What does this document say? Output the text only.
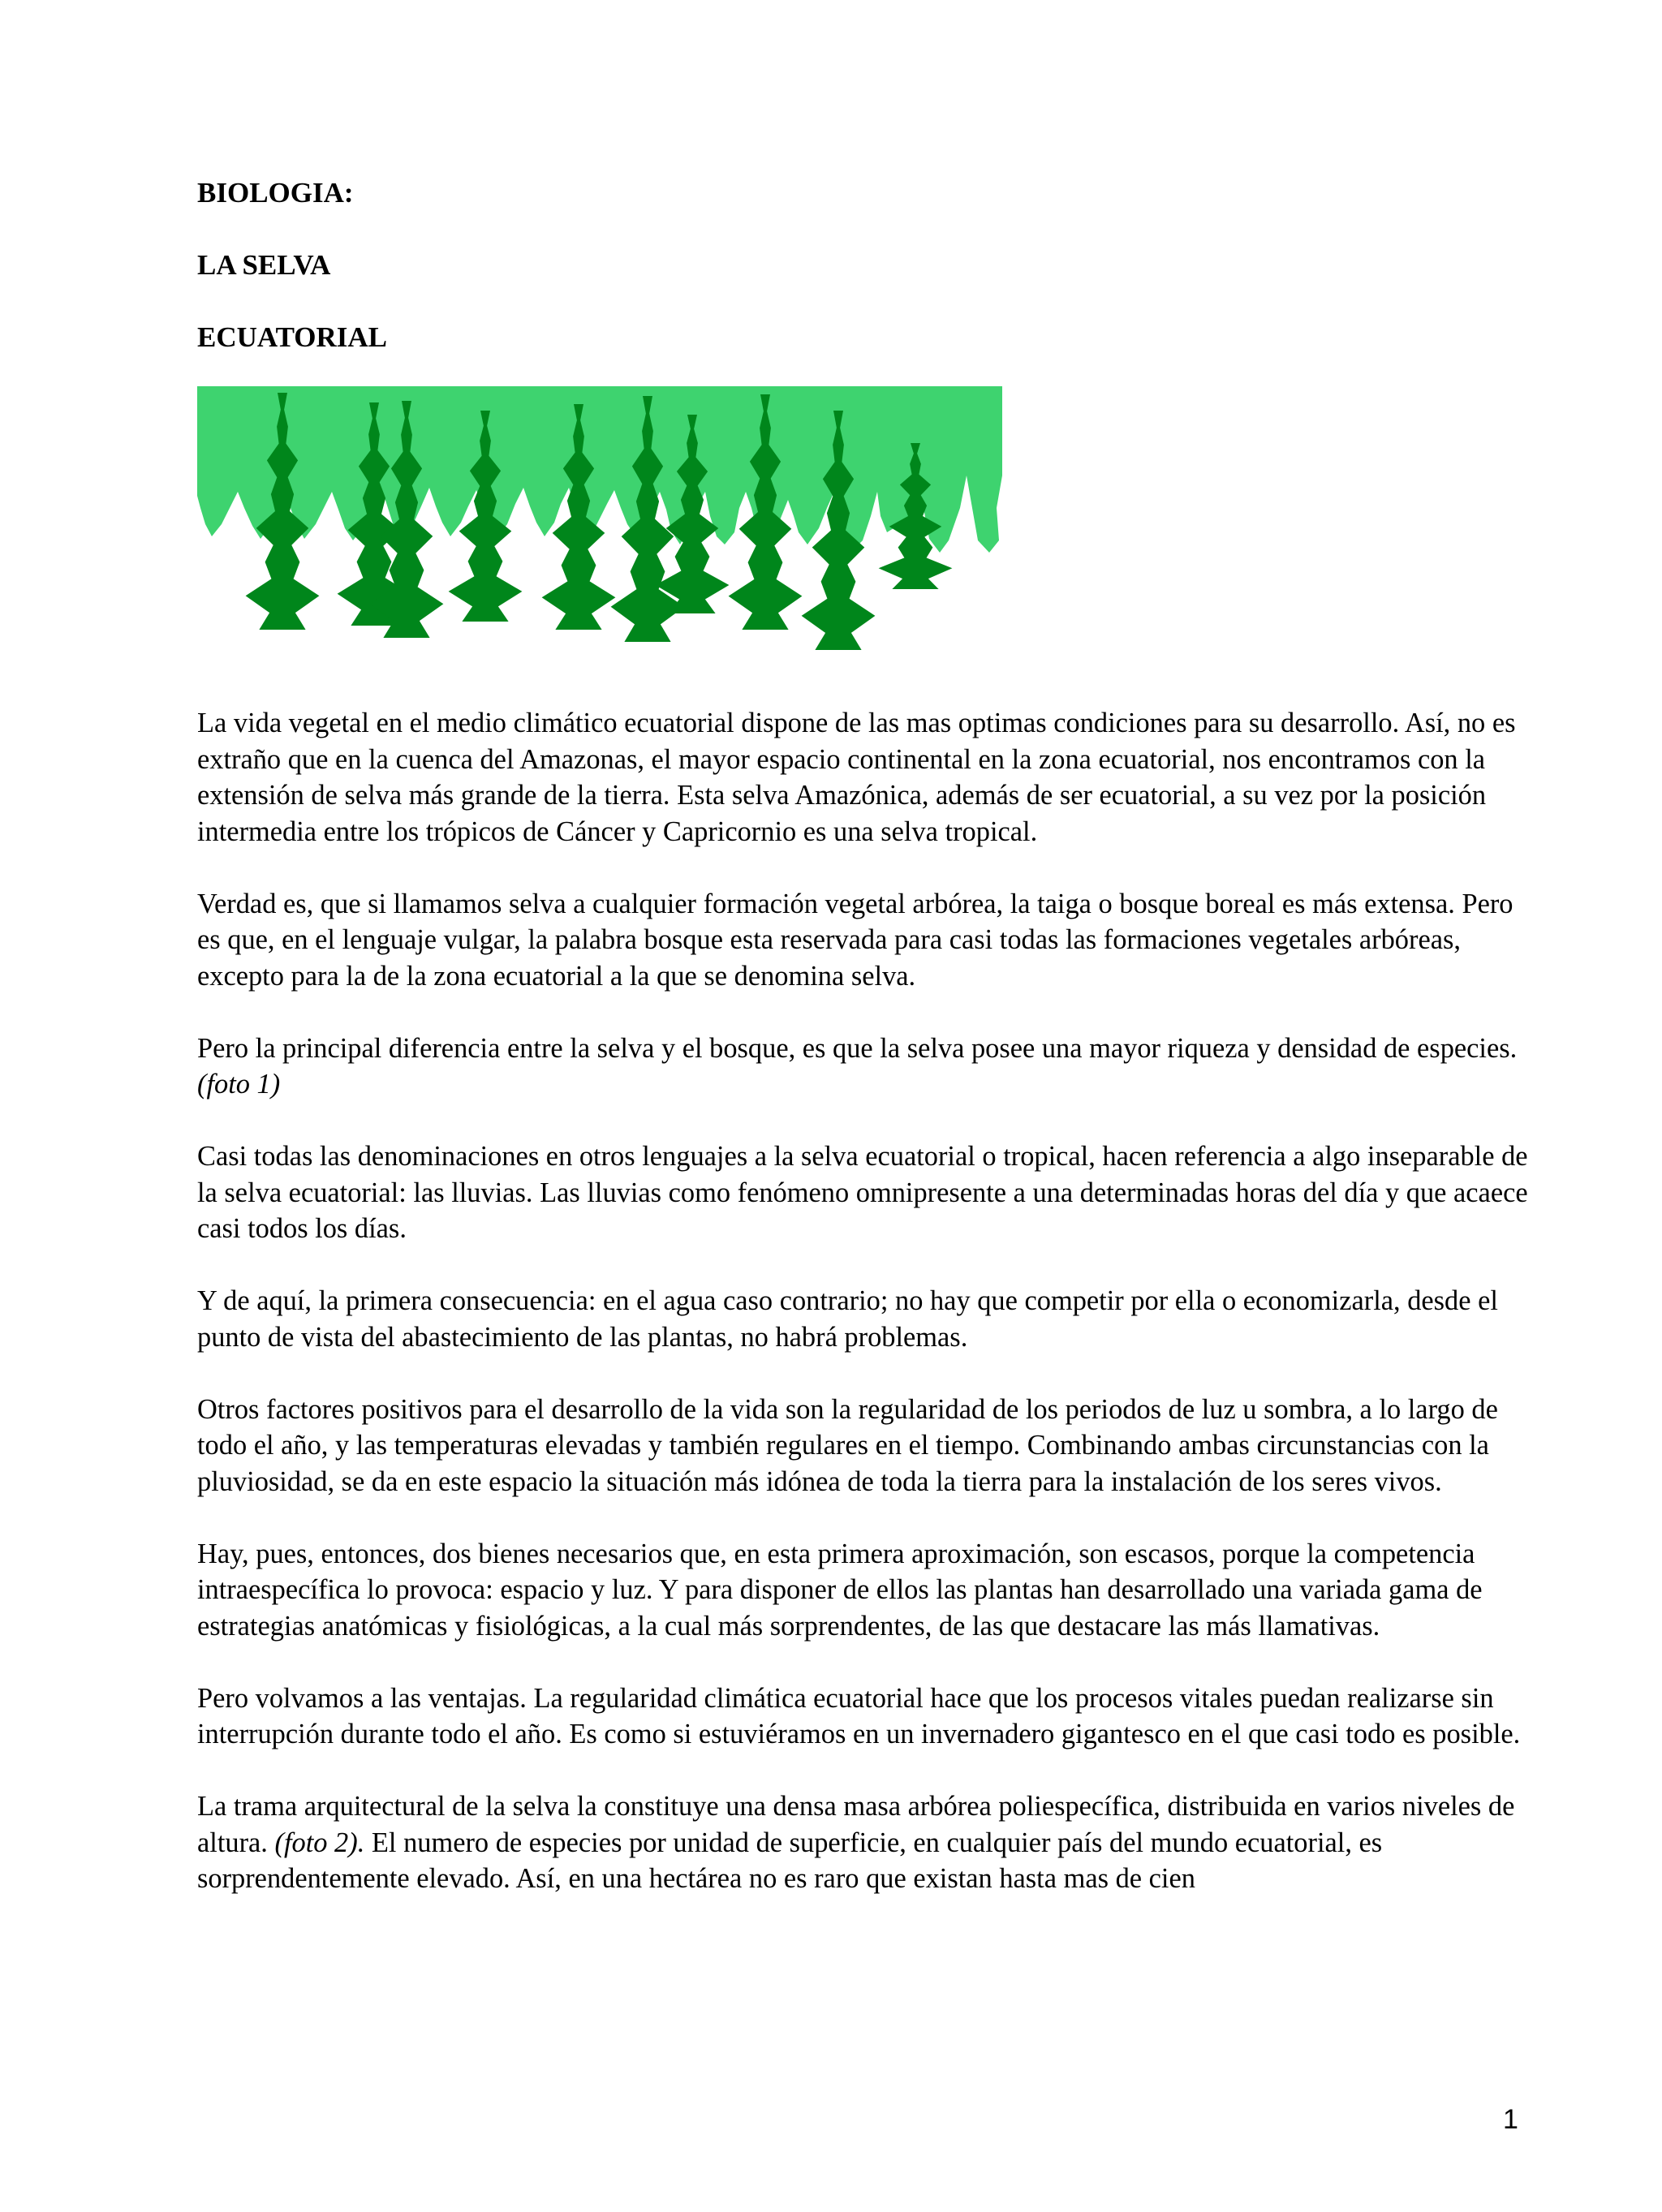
BIOLOGIA:
LA SELVA
ECUATORIAL

La vida vegetal en el medio climático ecuatorial dispone de las mas optimas condiciones para su desarrollo. Así, no es extraño que en la cuenca del Amazonas, el mayor espacio continental en la zona ecuatorial, nos encontramos con la extensión de selva más grande de la tierra. Esta selva Amazónica, además de ser ecuatorial, a su vez por la posición intermedia entre los trópicos de Cáncer y Capricornio es una selva tropical.

Verdad es, que si llamamos selva a cualquier formación vegetal arbórea, la taiga o bosque boreal es más extensa. Pero es que, en el lenguaje vulgar, la palabra bosque esta reservada para casi todas las formaciones vegetales arbóreas, excepto para la de la zona ecuatorial a la que se denomina selva.

Pero la principal diferencia entre la selva y el bosque, es que la selva posee una mayor riqueza y densidad de especies. (foto 1)

Casi todas las denominaciones en otros lenguajes a la selva ecuatorial o tropical, hacen referencia a algo inseparable de la selva ecuatorial: las lluvias. Las lluvias como fenómeno omnipresente a una determinadas horas del día y que acaece casi todos los días.

Y de aquí, la primera consecuencia: en el agua caso contrario; no hay que competir por ella o economizarla, desde el punto de vista del abastecimiento de las plantas, no habrá problemas.

Otros factores positivos para el desarrollo de la vida son la regularidad de los periodos de luz u sombra, a lo largo de todo el año, y las temperaturas elevadas y también regulares en el tiempo. Combinando ambas circunstancias con la pluviosidad, se da en este espacio la situación más idónea de toda la tierra para la instalación de los seres vivos.

Hay, pues, entonces, dos bienes necesarios que, en esta primera aproximación, son escasos, porque la competencia intraespecífica lo provoca: espacio y luz. Y para disponer de ellos las plantas han desarrollado una variada gama de estrategias anatómicas y fisiológicas, a la cual más sorprendentes, de las que destacare las más llamativas.

Pero volvamos a las ventajas. La regularidad climática ecuatorial hace que los procesos vitales puedan realizarse sin interrupción durante todo el año. Es como si estuviéramos en un invernadero gigantesco en el que casi todo es posible.

La trama arquitectural de la selva la constituye una densa masa arbórea poliespecífica, distribuida en varios niveles de altura. (foto 2). El numero de especies por unidad de superficie, en cualquier país del mundo ecuatorial, es sorprendentemente elevado. Así, en una hectárea no es raro que existan hasta mas de cien

1
